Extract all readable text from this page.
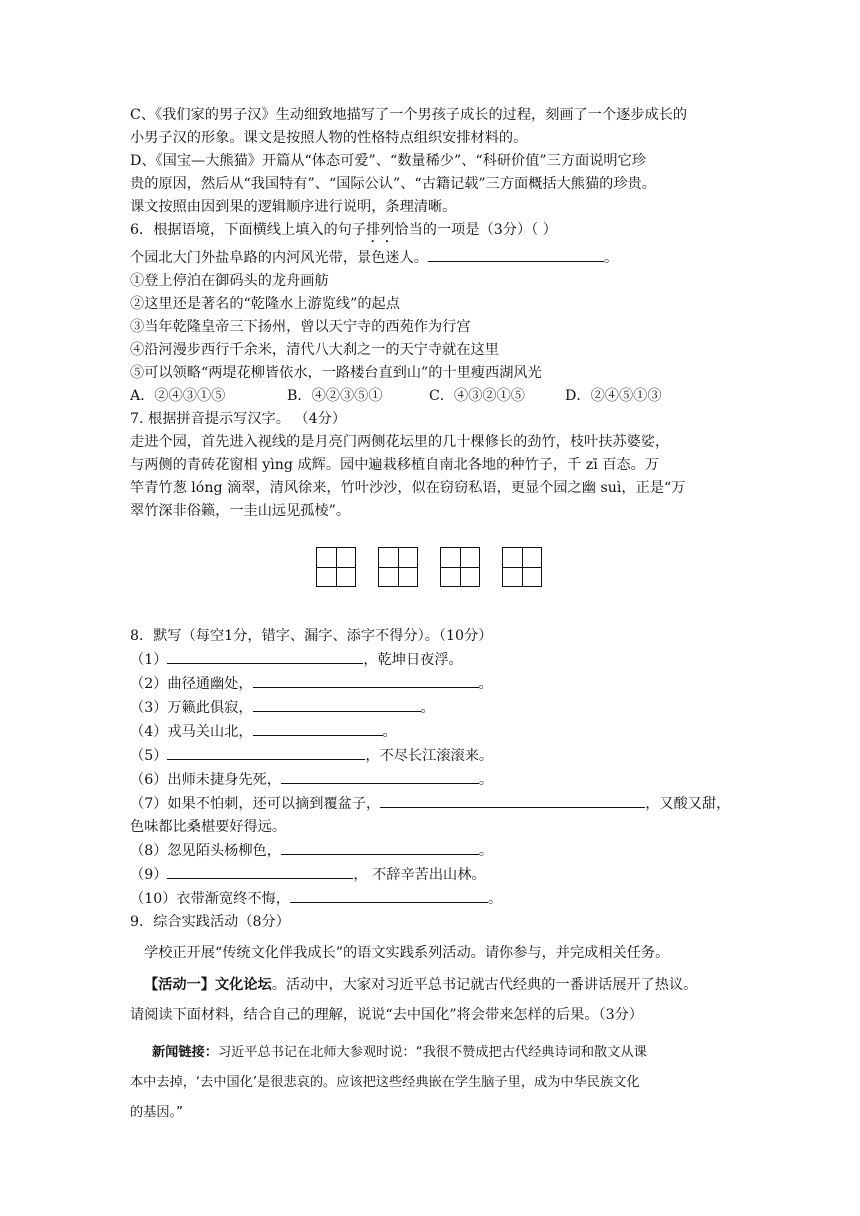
C、《我们家的男子汉》生动细致地描写了一个男孩子成长的过程，刻画了一个逐步成长的
小男子汉的形象。课文是按照人物的性格特点组织安排材料的。
D、《国宝—大熊猫》开篇从“体态可爱”、“数量稀少”、“科研价值”三方面说明它珍
贵的原因，然后从“我国特有”、“国际公认”、“古籍记载”三方面概括大熊猫的珍贵。
课文按照由因到果的逻辑顺序进行说明，条理清晰。
6．根据语境，下面横线上填入的句子排列恰当的一项是（3分）（ ）
个园北大门外盐阜路的内河风光带，景色迷人。	。
①登上停泊在御码头的龙舟画舫
②这里还是著名的“乾隆水上游览线”的起点
③当年乾隆皇帝三下扬州，曾以天宁寺的西苑作为行宫
④沿河漫步西行千余米，清代八大刹之一的天宁寺就在这里
⑤可以领略“两堤花柳皆依水，一路楼台直到山”的十里瘦西湖风光
A．②④③①⑤	B．④②③⑤①	C．④③②①⑤	D．②④⑤①③
7. 根据拼音提示写汉字。 （4分）
走进个园，首先进入视线的是月亮门两侧花坛里的几十棵修长的劲竹，枝叶扶苏婆娑，
与两侧的青砖花窗相 yìng 成辉。园中遍栽移植自南北各地的种竹子，千 zī 百态。万
竿青竹葱 lóng 滴翠，清风徐来，竹叶沙沙，似在窃窃私语，更显个园之幽 suì，正是“万
翠竹深非俗籁，一圭山远见孤棱”。
8．默写（每空1分，错字、漏字、添字不得分）。（10分）
（1）	，乾坤日夜浮。
（2）曲径通幽处，	。
（3）万籁此俱寂，	。
（4）戎马关山北，	。
（5）	，不尽长江滚滚来。
（6）出师未捷身先死，	。
（7）如果不怕刺，还可以摘到覆盆子，	，又酸又甜，
色味都比桑椹要好得远。
（8）忽见陌头杨柳色，	。
（9）	， 不辞辛苦出山林。
（10）衣带渐宽终不悔，	。
9．综合实践活动（8分）
学校正开展“传统文化伴我成长”的语文实践系列活动。请你参与，并完成相关任务。
【活动一】文化论坛。活动中，大家对习近平总书记就古代经典的一番讲话展开了热议。
请阅读下面材料，结合自己的理解，说说“去中国化”将会带来怎样的后果。（3分）
新闻链接：习近平总书记在北师大参观时说：“我很不赞成把古代经典诗词和散文从课
本中去掉，‘去中国化’是很悲哀的。应该把这些经典嵌在学生脑子里，成为中华民族文化
的基因。”
